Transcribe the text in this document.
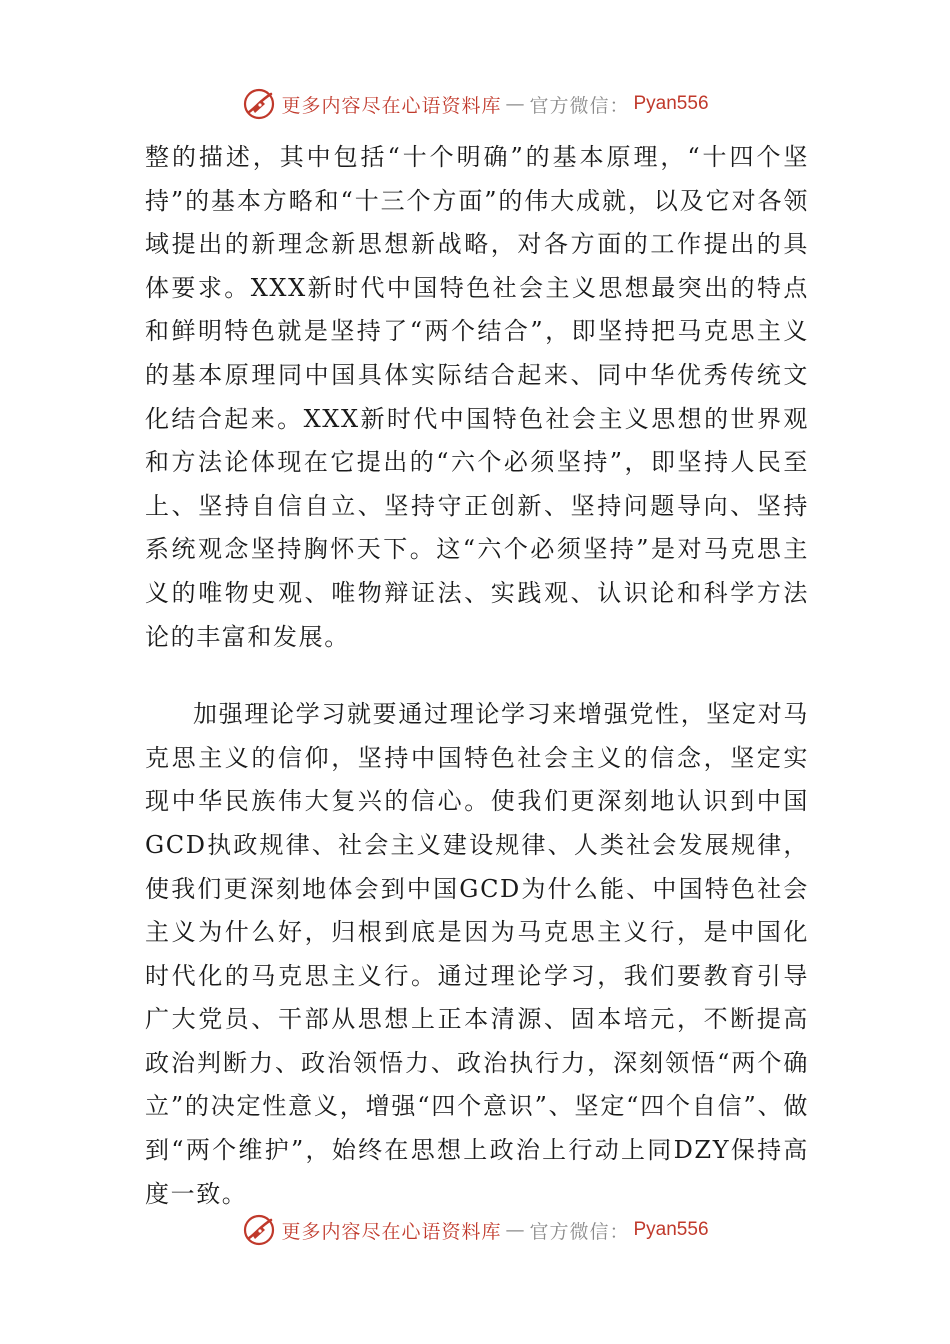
更多内容尽在心语资料库 — 官方微信： Pyan556

整的描述，其中包括“十个明确”的基本原理，“十四个坚持”的基本方略和“十三个方面”的伟大成就，以及它对各领域提出的新理念新思想新战略，对各方面的工作提出的具体要求。XXX新时代中国特色社会主义思想最突出的特点和鲜明特色就是坚持了“两个结合”，即坚持把马克思主义的基本原理同中国具体实际结合起来、同中华优秀传统文化结合起来。XXX新时代中国特色社会主义思想的世界观和方法论体现在它提出的“六个必须坚持”，即坚持人民至上、坚持自信自立、坚持守正创新、坚持问题导向、坚持系统观念坚持胸怀天下。这“六个必须坚持”是对马克思主义的唯物史观、唯物辩证法、实践观、认识论和科学方法论的丰富和发展。

加强理论学习就要通过理论学习来增强党性，坚定对马克思主义的信仰，坚持中国特色社会主义的信念，坚定实现中华民族伟大复兴的信心。使我们更深刻地认识到中国GCD执政规律、社会主义建设规律、人类社会发展规律，使我们更深刻地体会到中国GCD为什么能、中国特色社会主义为什么好，归根到底是因为马克思主义行，是中国化时代化的马克思主义行。通过理论学习，我们要教育引导广大党员、干部从思想上正本清源、固本培元，不断提高政治判断力、政治领悟力、政治执行力，深刻领悟“两个确立”的决定性意义，增强“四个意识”、坚定“四个自信”、做到“两个维护”，始终在思想上政治上行动上同DZY保持高度一致。

更多内容尽在心语资料库 — 官方微信： Pyan556
